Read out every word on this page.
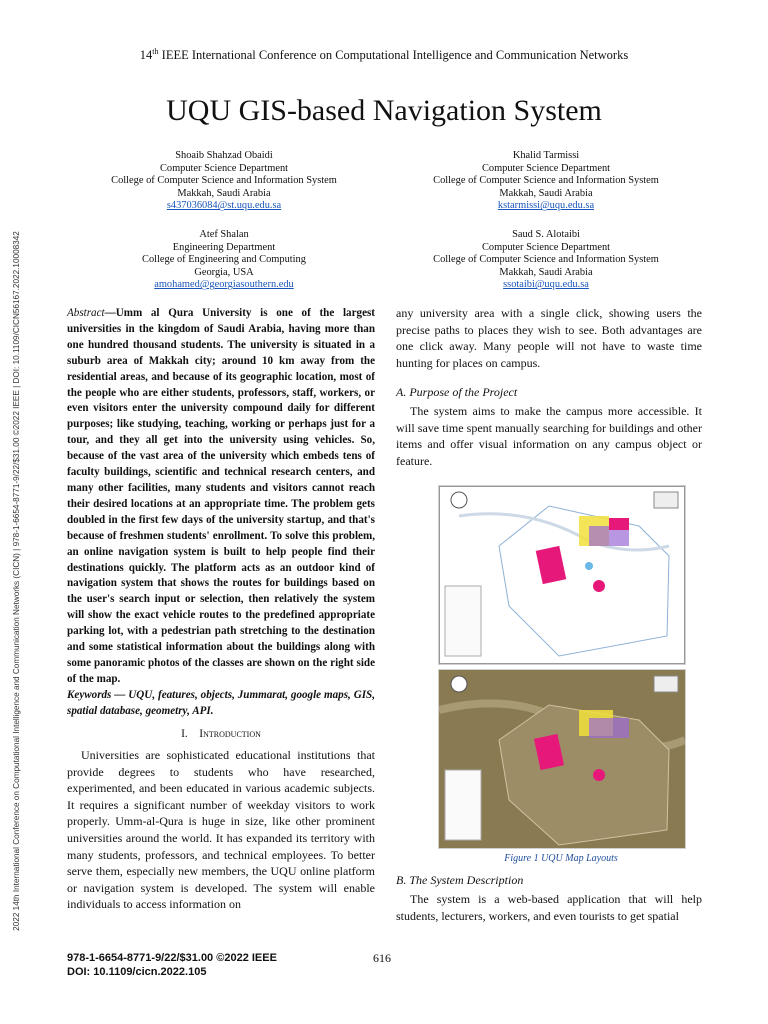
2022 14th International Conference on Computational Intelligence and Communication Networks (CICN) | 978-1-6654-8771-9/22/$31.00 ©2022 IEEE | DOI: 10.1109/CICN56167.2022.10008342
14th IEEE International Conference on Computational Intelligence and Communication Networks
UQU GIS-based Navigation System
Shoaib Shahzad Obaidi
Computer Science Department
College of Computer Science and Information System
Makkah, Saudi Arabia
s437036084@st.uqu.edu.sa
Khalid Tarmissi
Computer Science Department
College of Computer Science and Information System
Makkah, Saudi Arabia
kstarmissi@uqu.edu.sa
Atef Shalan
Engineering Department
College of Engineering and Computing
Georgia, USA
amohamed@georgiasouthern.edu
Saud S. Alotaibi
Computer Science Department
College of Computer Science and Information System
Makkah, Saudi Arabia
ssotaibi@uqu.edu.sa
Abstract—Umm al Qura University is one of the largest universities in the kingdom of Saudi Arabia, having more than one hundred thousand students. The university is situated in a suburb area of Makkah city; around 10 km away from the residential areas, and because of its geographic location, most of the people who are either students, professors, staff, workers, or even visitors enter the university compound daily for different purposes; like studying, teaching, working or perhaps just for a tour, and they all get into the university using vehicles. So, because of the vast area of the university which embeds tens of faculty buildings, scientific and technical research centers, and many other facilities, many students and visitors cannot reach their desired locations at an appropriate time. The problem gets doubled in the first few days of the university startup, and that's because of freshmen students' enrollment. To solve this problem, an online navigation system is built to help people find their destinations quickly. The platform acts as an outdoor kind of navigation system that shows the routes for buildings based on the user's search input or selection, then relatively the system will show the exact vehicle routes to the predefined appropriate parking lot, with a pedestrian path stretching to the destination and some statistical information about the buildings along with some panoramic photos of the classes are shown on the right side of the map.
Keywords — UQU, features, objects, Jummarat, google maps, GIS, spatial database, geometry, API.
I. Introduction

Universities are sophisticated educational institutions that provide degrees to students who have researched, experimented, and been educated in various academic subjects. It requires a significant number of weekday visitors to work properly. Umm-al-Qura is huge in size, like other prominent universities around the world. It has expanded its territory with many students, professors, and technical employees. To better serve them, especially new members, the UQU online platform or navigation system is developed. The system will enable individuals to access information on

any university area with a single click, showing users the precise paths to places they wish to see. Both advantages are one click away. Many people will not have to waste time hunting for places on campus.

A. Purpose of the Project

The system aims to make the campus more accessible. It will save time spent manually searching for buildings and other items and offer visual information on any campus object or feature.

Figure 1 UQU Map Layouts
B. The System Description

The system is a web-based application that will help students, lecturers, workers, and even tourists to get spatial

978-1-6654-8771-9/22/$31.00 ©2022 IEEE
DOI: 10.1109/cicn.2022.105
616
